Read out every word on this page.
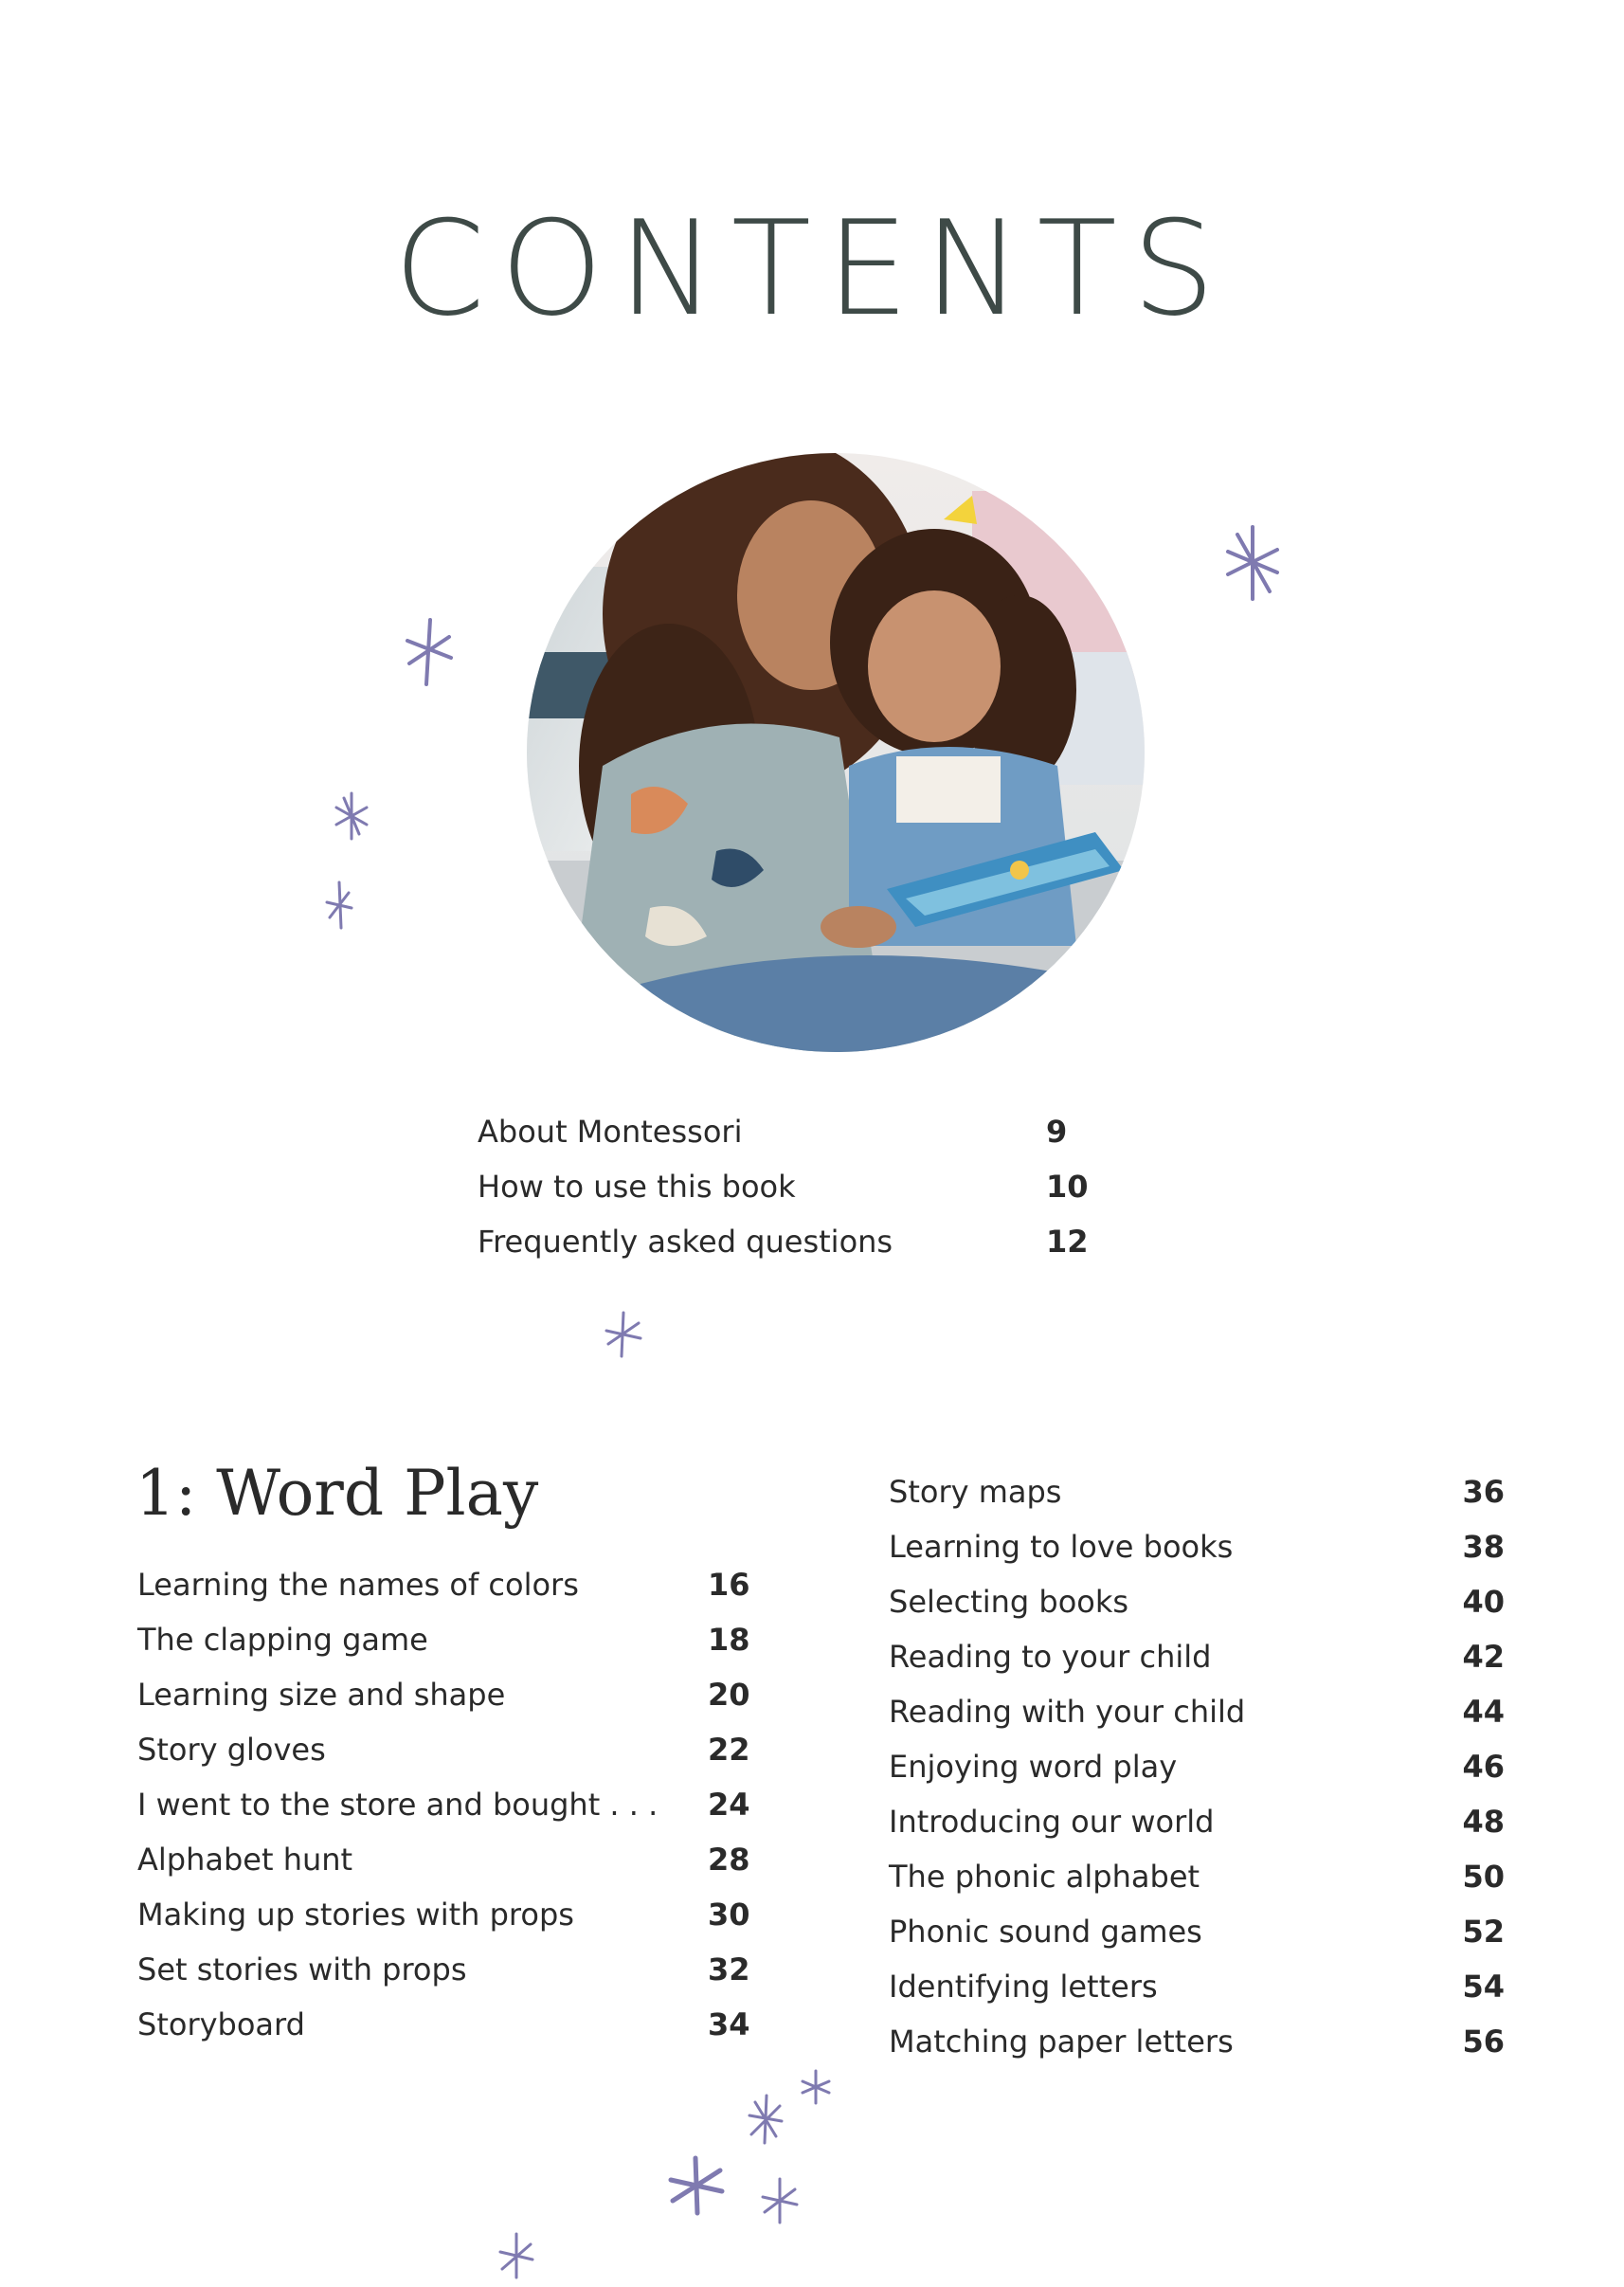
CONTENTS
About Montessori	9
How to use this book	10
Frequently asked questions	12
1: Word Play
Learning the names of colors	16
The clapping game	18
Learning size and shape	20
Story gloves	22
I went to the store and bought . . . 24
Alphabet hunt	28
Making up stories with props	30
Set stories with props	32
Storyboard	34
Story maps	36
Learning to love books	38
Selecting books	40
Reading to your child	42
Reading with your child	44
Enjoying word play	46
Introducing our world	48
The phonic alphabet	50
Phonic sound games	52
Identifying letters	54
Matching paper letters	56
